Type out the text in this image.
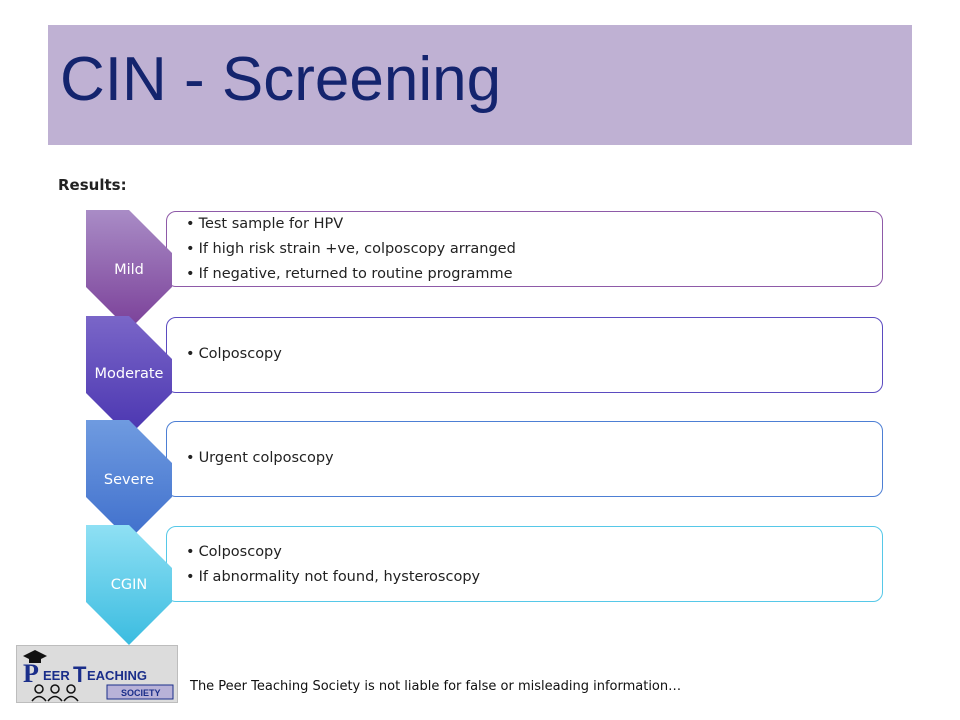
CIN - Screening
Results:
• Test sample for HPV
• If high risk strain +ve, colposcopy arranged
• If negative, returned to routine programme
Mild
• Colposcopy
Moderate
• Urgent colposcopy
Severe
• Colposcopy
• If abnormality not found, hysteroscopy
CGIN
P EER T EACHING
SOCIETY The Peer Teaching Society is not liable for false or misleading information…
